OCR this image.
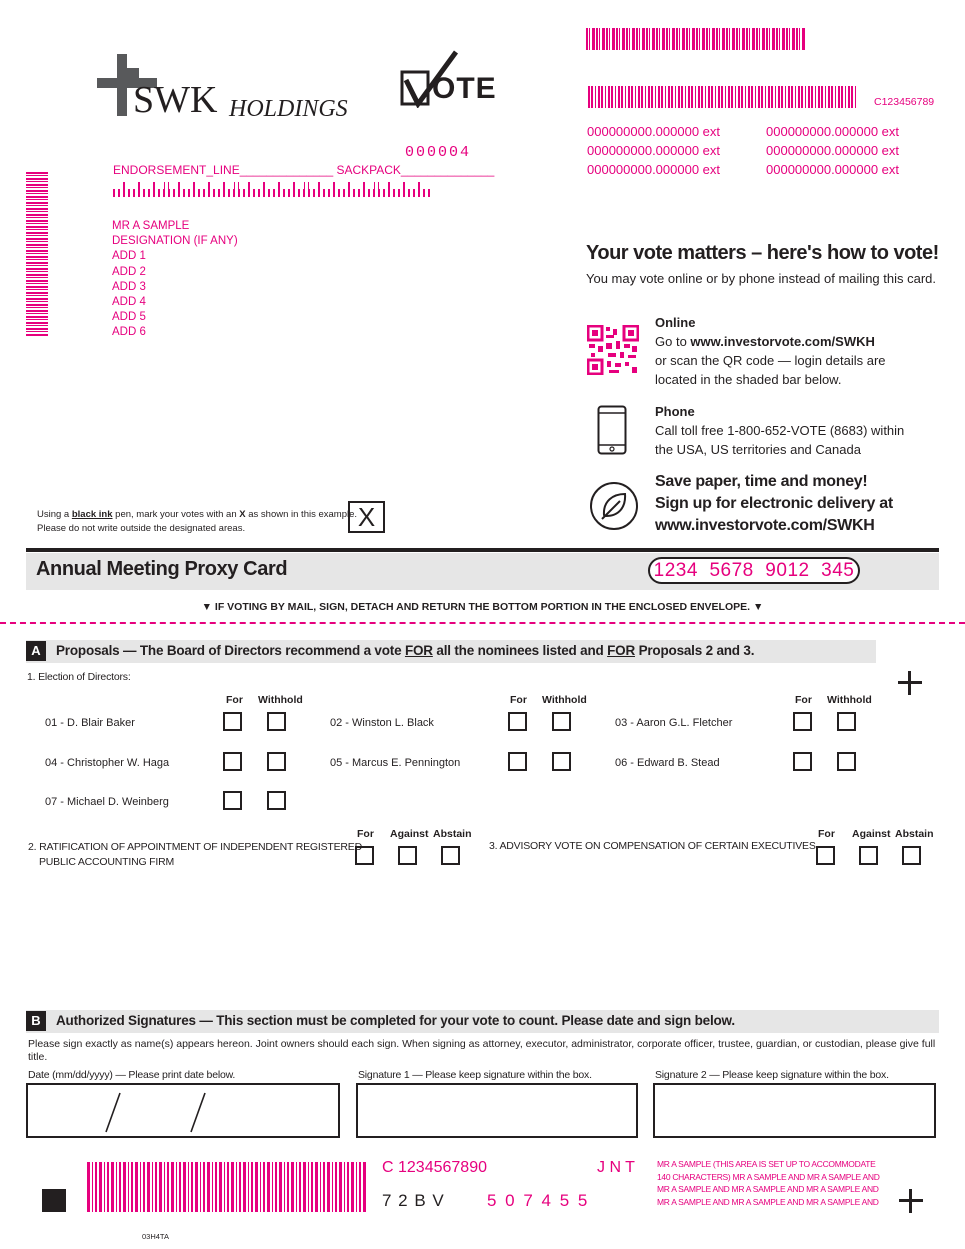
SWK HOLDINGS
OTE	C123456789
000000000.000000 ext	000000000.000000 ext
000000000.000000 ext	000000000.000000 ext
000000000.000000 ext	000000000.000000 ext
000004
ENDORSEMENT_LINE______________ SACKPACK______________
MR A SAMPLE
DESIGNATION (IF ANY)
ADD 1
ADD 2
ADD 3
ADD 4
ADD 5
ADD 6
Your vote matters – here's how to vote!
You may vote online or by phone instead of mailing this card.
Online
Go to www.investorvote.com/SWKH
or scan the QR code — login details are
located in the shaded bar below.
Phone
Call toll free 1-800-652-VOTE (8683) within
the USA, US territories and Canada
Save paper, time and money!
Sign up for electronic delivery at
www.investorvote.com/SWKH
Using a black ink pen, mark your votes with an X as shown in this example.
Please do not write outside the designated areas.	X
Annual Meeting Proxy Card	1234  5678  9012  345
▼ IF VOTING BY MAIL, SIGN, DETACH AND RETURN THE BOTTOM PORTION IN THE ENCLOSED ENVELOPE. ▼
A	Proposals — The Board of Directors recommend a vote FOR all the nominees listed and FOR Proposals 2 and 3.
1. Election of Directors:
For Withhold	For Withhold	For Withhold
01 - D. Blair Baker	02 - Winston L. Black	03 - Aaron G.L. Fletcher
04 - Christopher W. Haga	05 - Marcus E. Pennington	06 - Edward B. Stead
07 - Michael D. Weinberg
For Against Abstain
2. RATIFICATION OF APPOINTMENT OF INDEPENDENT REGISTERED
PUBLIC ACCOUNTING FIRM
For Against Abstain
3. ADVISORY VOTE ON COMPENSATION OF CERTAIN EXECUTIVES
B	Authorized Signatures — This section must be completed for your vote to count. Please date and sign below.
Please sign exactly as name(s) appears hereon. Joint owners should each sign. When signing as attorney, executor, administrator, corporate officer, trustee, guardian, or custodian, please give full title.
Date (mm/dd/yyyy) — Please print date below.	Signature 1 — Please keep signature within the box.	Signature 2 — Please keep signature within the box.
C 1234567890	J N T
7 2 B V 5 0 7 4 5 5
MR A SAMPLE (THIS AREA IS SET UP TO ACCOMMODATE 140 CHARACTERS) MR A SAMPLE AND MR A SAMPLE AND MR A SAMPLE AND MR A SAMPLE AND MR A SAMPLE AND MR A SAMPLE AND MR A SAMPLE AND MR A SAMPLE AND
03H4TA
